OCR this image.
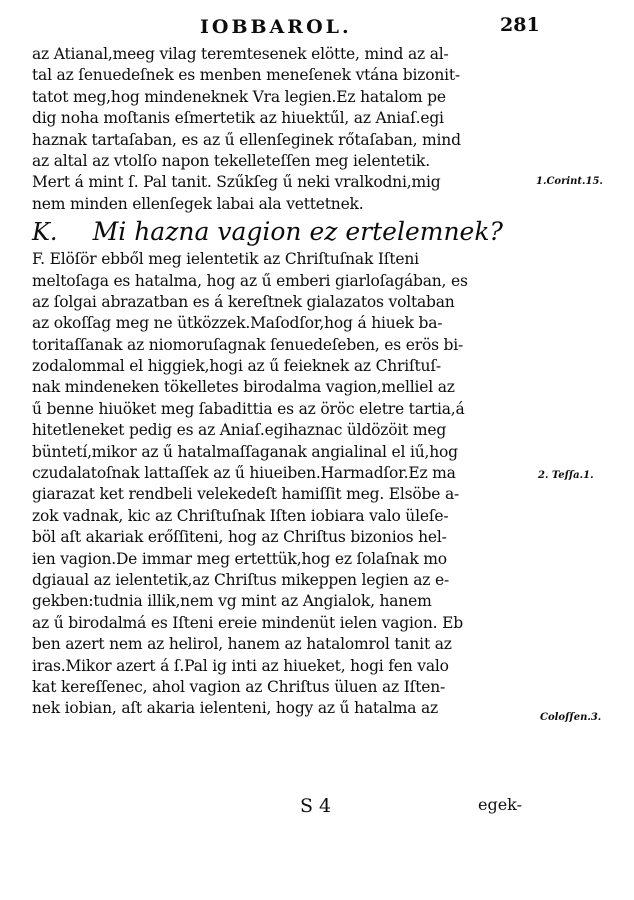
IOBBAROL.	281
az Atianal,meeg vilag teremtesenek elötte, mind az al-
tal az ſenuedeſnek es menben meneſenek vtána bizonit-
tatot meg,hog mindeneknek Vra legien.Ez hatalom pe
dig noha moſtanis eſmertetik az hiuektűl, az Aniaſ.egi
haznak tartaſaban, es az ű ellenſeginek rőtaſaban, mind
az altal az vtolſo napon tekelleteſſen meg ielentetik.
Mert á mint ſ. Pal tanit. Szűkſeg ű neki vralkodni,mig
nem minden ellenſegek labai ala vettetnek.
K. Mi hazna vagion ez ertelemnek?
F. Elöſör ebből meg ielentetik az Chriſtuſnak Iſteni
meltoſaga es hatalma, hog az ű emberi giarloſagában, es
az ſolgai abrazatban es á kereſtnek gialazatos voltaban
az okoſſag meg ne ütközzek.Maſodſor,hog á hiuek ba-
toritaſſanak az niomoruſagnak ſenuedeſeben, es erös bi-
zodalommal el higgiek,hogi az ű feieknek az Chriſtuſ-
nak mindeneken tökelletes birodalma vagion,melliel az
ű benne hiuöket meg ſabadittia es az öröc eletre tartia,á
hitetleneket pedig es az Aniaſ.egihaznac üldözöit meg
büntetí,mikor az ű hatalmaſſaganak angialinal el iű,hog
czudalatoſnak lattaſſek az ű hiueiben.Harmadſor.Ez ma
giarazat ket rendbeli velekedeſt hamiſſit meg. Elsöbe a-
zok vadnak, kic az Chriſtuſnak Iſten iobiara valo üleſe-
böl aſt akariak erőſſiteni, hog az Chriſtus bizonios hel-
ien vagion.De immar meg ertettük,hog ez ſolaſnak mo
dgiaual az ielentetik,az Chriſtus mikeppen legien az e-
gekben:tudnia illik,nem vg mint az Angialok, hanem
az ű birodalmá es Iſteni ereie mindenüt ielen vagion. Eb
ben azert nem az helirol, hanem az hatalomrol tanit az
iras.Mikor azert á ſ.Pal ig inti az hiueket, hogi fen valo
kat kereſſenec, ahol vagion az Chriſtus üluen az Iſten-
nek iobian, aſt akaria ielenteni, hogy az ű hatalma az
1.Corint.15.
2. Teſſa.1.
Coloſſen.3.
S 4	egek-
